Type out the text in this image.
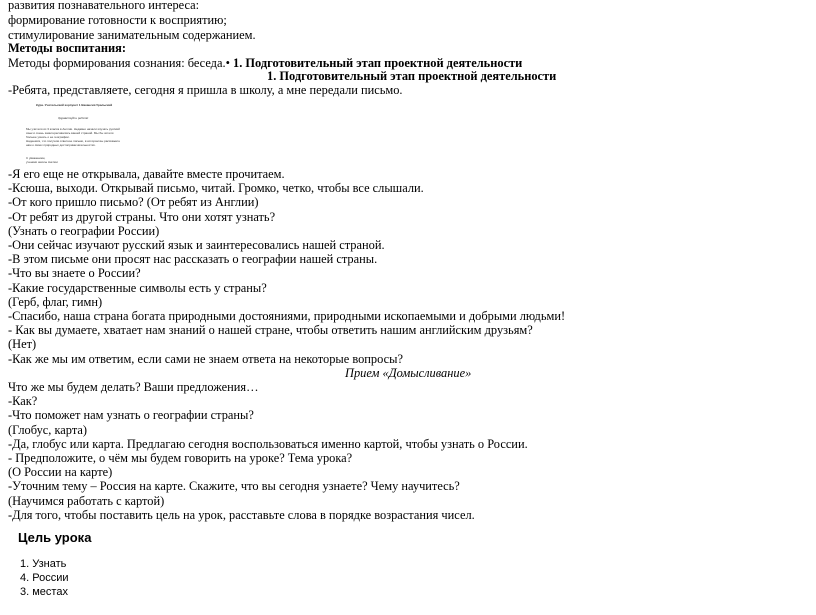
развития познавательного интереса:
формирование готовности к восприятию;
стимулирование занимательным содержанием.
Методы воспитания:
Методы формирования сознания: беседа.• 1. Подготовительный этап проектной деятельности
1. Подготовительный этап проектной деятельности
-Ребята, представляете, сегодня я пришла в школу, а мне передали письмо.
Кура. Учительский корпункт 1 Вакансия Уральский
Здравствуйте ребята!
Мы учителя из 3 класса в Англии. Недавно начали изучать русский
язык и очень заинтересовались вашей страной. Мы бы хотели
больше узнать о ее географии.
Надеемся, что получим ответное письмо, в котором вы расскажете
нам о своих природных достопримечательностях.
С уважением,
ученики школы Англии
-Я его еще не открывала, давайте вместе прочитаем.
-Ксюша, выходи. Открывай письмо, читай. Громко, четко, чтобы все слышали.
-От кого пришло письмо? (От ребят из Англии)
-От ребят из другой страны. Что они хотят узнать?
(Узнать о географии России)
-Они сейчас изучают русский язык и заинтересовались нашей страной.
-В этом письме они просят нас рассказать о географии нашей страны.
-Что вы знаете о России?
-Какие государственные символы есть у страны?
(Герб, флаг, гимн)
-Спасибо, наша страна богата природными достояниями, природными ископаемыми и добрыми людьми!
- Как вы думаете, хватает нам знаний о нашей стране, чтобы ответить нашим английским друзьям?
(Нет)
-Как же мы им ответим, если сами не знаем ответа на некоторые вопросы?
Прием «Домысливание»
Что же мы будем делать? Ваши предложения…
-Как?
-Что поможет нам узнать о географии страны?
(Глобус, карта)
-Да, глобус или карта. Предлагаю сегодня воспользоваться именно картой, чтобы узнать о России.
- Предположите, о чём мы будем говорить на уроке? Тема урока?
(О России на карте)
-Уточним тему – Россия на карте. Скажите, что вы сегодня узнаете? Чему научитесь?
(Научимся работать с картой)
-Для того, чтобы поставить цель на урок, расставьте слова в порядке возрастания чисел.
Цель урока
1. Узнать
4. России
3. местах
